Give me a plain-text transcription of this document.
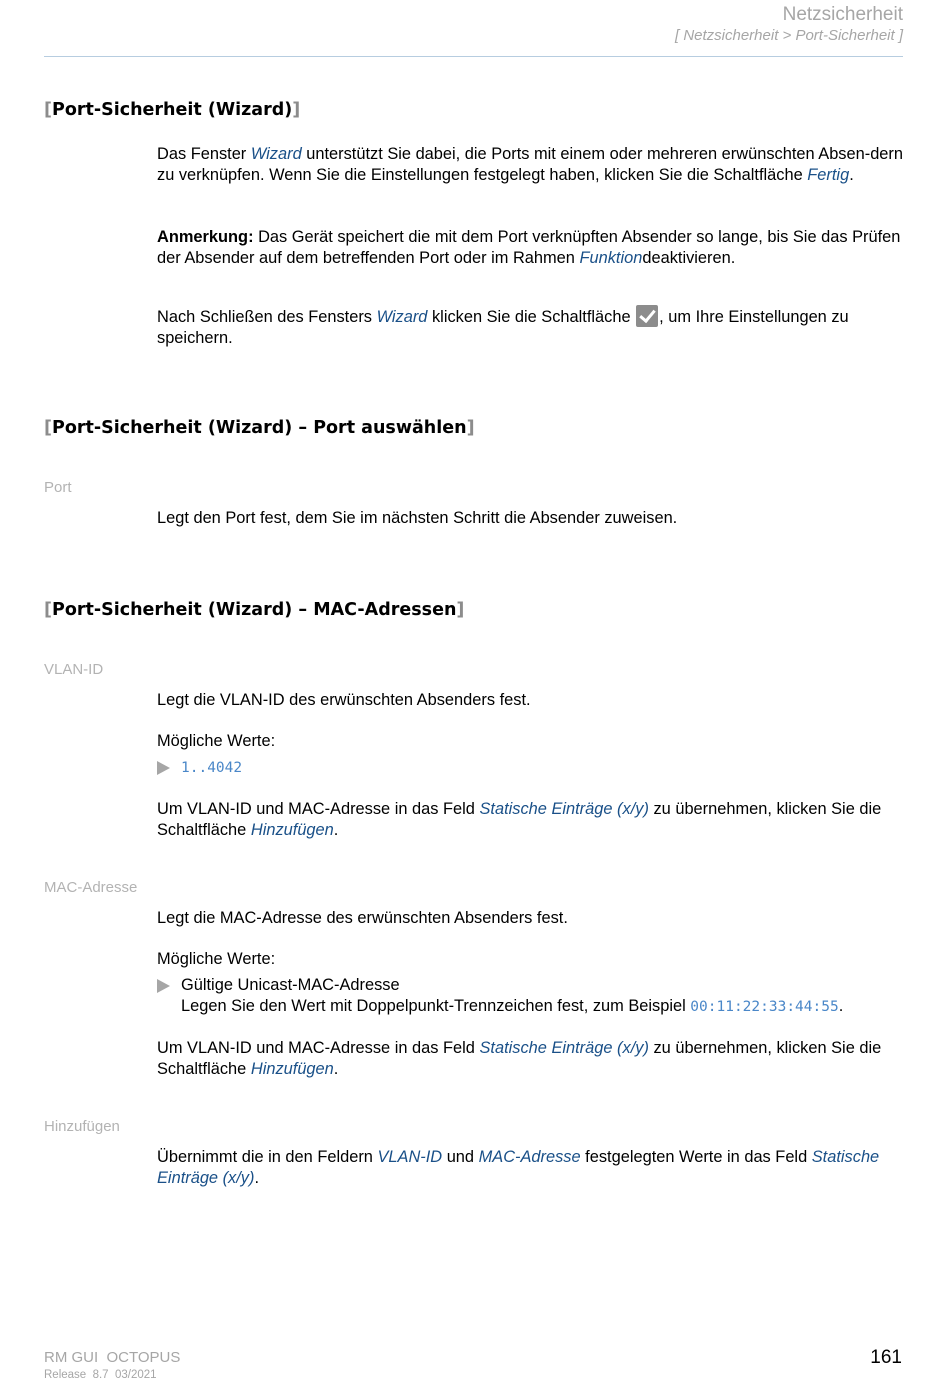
Netzsicherheit
[ Netzsicherheit > Port-Sicherheit ]
[Port-Sicherheit (Wizard)]

Das Fenster Wizard unterstützt Sie dabei, die Ports mit einem oder mehreren erwünschten Absen-dern zu verknüpfen. Wenn Sie die Einstellungen festgelegt haben, klicken Sie die Schaltfläche Fertig.

Anmerkung: Das Gerät speichert die mit dem Port verknüpften Absender so lange, bis Sie das Prüfen der Absender auf dem betreffenden Port oder im Rahmen Funktiondeaktivieren.

Nach Schließen des Fensters Wizard klicken Sie die Schaltfläche , um Ihre Einstellungen zu speichern.

[Port-Sicherheit (Wizard) – Port auswählen]
Port

Legt den Port fest, dem Sie im nächsten Schritt die Absender zuweisen.

[Port-Sicherheit (Wizard) – MAC-Adressen]
VLAN-ID

Legt die VLAN-ID des erwünschten Absenders fest.

Mögliche Werte:

1..4042

Um VLAN-ID und MAC-Adresse in das Feld Statische Einträge (x/y) zu übernehmen, klicken Sie die Schaltfläche Hinzufügen.

MAC-Adresse

Legt die MAC-Adresse des erwünschten Absenders fest.

Mögliche Werte:

Gültige Unicast-MAC-Adresse
Legen Sie den Wert mit Doppelpunkt-Trennzeichen fest, zum Beispiel 00:11:22:33:44:55.

Um VLAN-ID und MAC-Adresse in das Feld Statische Einträge (x/y) zu übernehmen, klicken Sie die Schaltfläche Hinzufügen.

Hinzufügen

Übernimmt die in den Feldern VLAN-ID und MAC-Adresse festgelegten Werte in das Feld Statische Einträge (x/y).

RM GUI  OCTOPUS
Release  8.7  03/2021
161
